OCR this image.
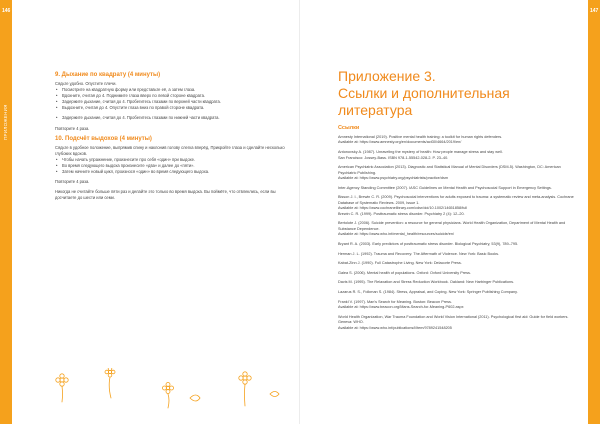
146
ПРИЛОЖЕНИЯ
9. Дыхание по квадрату (4 минуты)
Сядьте удобно. Опустите плечи.
• Посмотрите на квадратную форму или представьте её, а затем глаза.
• Вдохните, считая до 4. Поднимите глаза вверх по левой стороне квадрата.
• Задержите дыхание, считая до 4. Пробегитесь глазами по верхней части квадрата.
• Выдохните, считая до 4. Опустите глаза вниз по правой стороне квадрата.
• Задержите дыхание, считая до 4. Пробегитесь глазами по нижней части квадрата.
Повторите 4 раза.
10. Подсчёт выдохов (4 минуты)
Сядьте в удобное положение, выпрямив спину и наклонив голову слегка вперёд. Прикройте глаза и сделайте несколько глубоких вдохов.
• Чтобы начать упражнение, произнесите про себя «один» при выдохе.
• Во время следующего выдоха произнесите «два» и далее до «пяти».
• Затем начните новый цикл, произнося «один» во время следующего выдоха.
Повторите 4 раза.
Никогда не считайте больше пяти раз и делайте это только во время выдоха. Вы поймёте, что отвлеклись, если вы досчитаете до шести или семи.
147
Приложение 3.
Ссылки и дополнительная
литература
Ссылки

Amnesty International (2019). Positive mental health training: a toolkit for human rights defenders.

Available at: https://www.amnesty.org/en/documents/act30/4664/2019/en/

Antonovsky A. (1987). Unraveling the mystery of health: How people manage stress and stay well.

San Francisco: Jossey-Bass. ISBN 978-1-55542-028-2. P. 23–40.

American Psychiatric Association (2013). Diagnostic and Statistical Manual of Mental Disorders (DSM-5). Washington, DC: American Psychiatric Publishing.

Available at: https://www.psychiatry.org/psychiatrists/practice/dsm

Inter-Agency Standing Committee (2007). IASC Guidelines on Mental Health and Psychosocial Support in Emergency Settings.

Bisson J. I., Brewin C. R. (2009). Psychosocial interventions for adults exposed to trauma: a systematic review and meta-analysis. Cochrane Database of Systematic Reviews. 2009, Issue 1.

Available at: https://www.cochranelibrary.com/cdsr/doi/10.1002/14651858/full

Brewin C. R. (1999). Posttraumatic stress disorder. Psychiatry 2 (4): 12–20.

Bertolote J. (2006). Suicide prevention: a resource for general physicians. World Health Organization, Department of Mental Health and Substance Dependence.

Available at: https://www.who.int/mental_health/resources/suicide/en/

Bryant R. A. (2003). Early predictors of posttraumatic stress disorder. Biological Psychiatry, 53(9), 789–795.

Herman J. L. (1992). Trauma and Recovery: The Aftermath of Violence. New York: Basic Books.

Kabat-Zinn J. (1990). Full Catastrophe Living. New York: Delacorte Press.

Galea S. (2006). Mental health of populations. Oxford: Oxford University Press.

Davis M. (1995). The Relaxation and Stress Reduction Workbook. Oakland: New Harbinger Publications.

Lazarus R. S., Folkman S. (1984). Stress, Appraisal, and Coping. New York: Springer Publishing Company.

Frankl V. (1997). Man’s Search for Meaning. Boston: Beacon Press.

Available at: https://www.beacon.org/Mans-Search-for-Meaning-P602.aspx

World Health Organization, War Trauma Foundation and World Vision International (2011). Psychological first aid: Guide for field workers. Geneva: WHO.

Available at: https://www.who.int/publications/i/item/9789241548205
